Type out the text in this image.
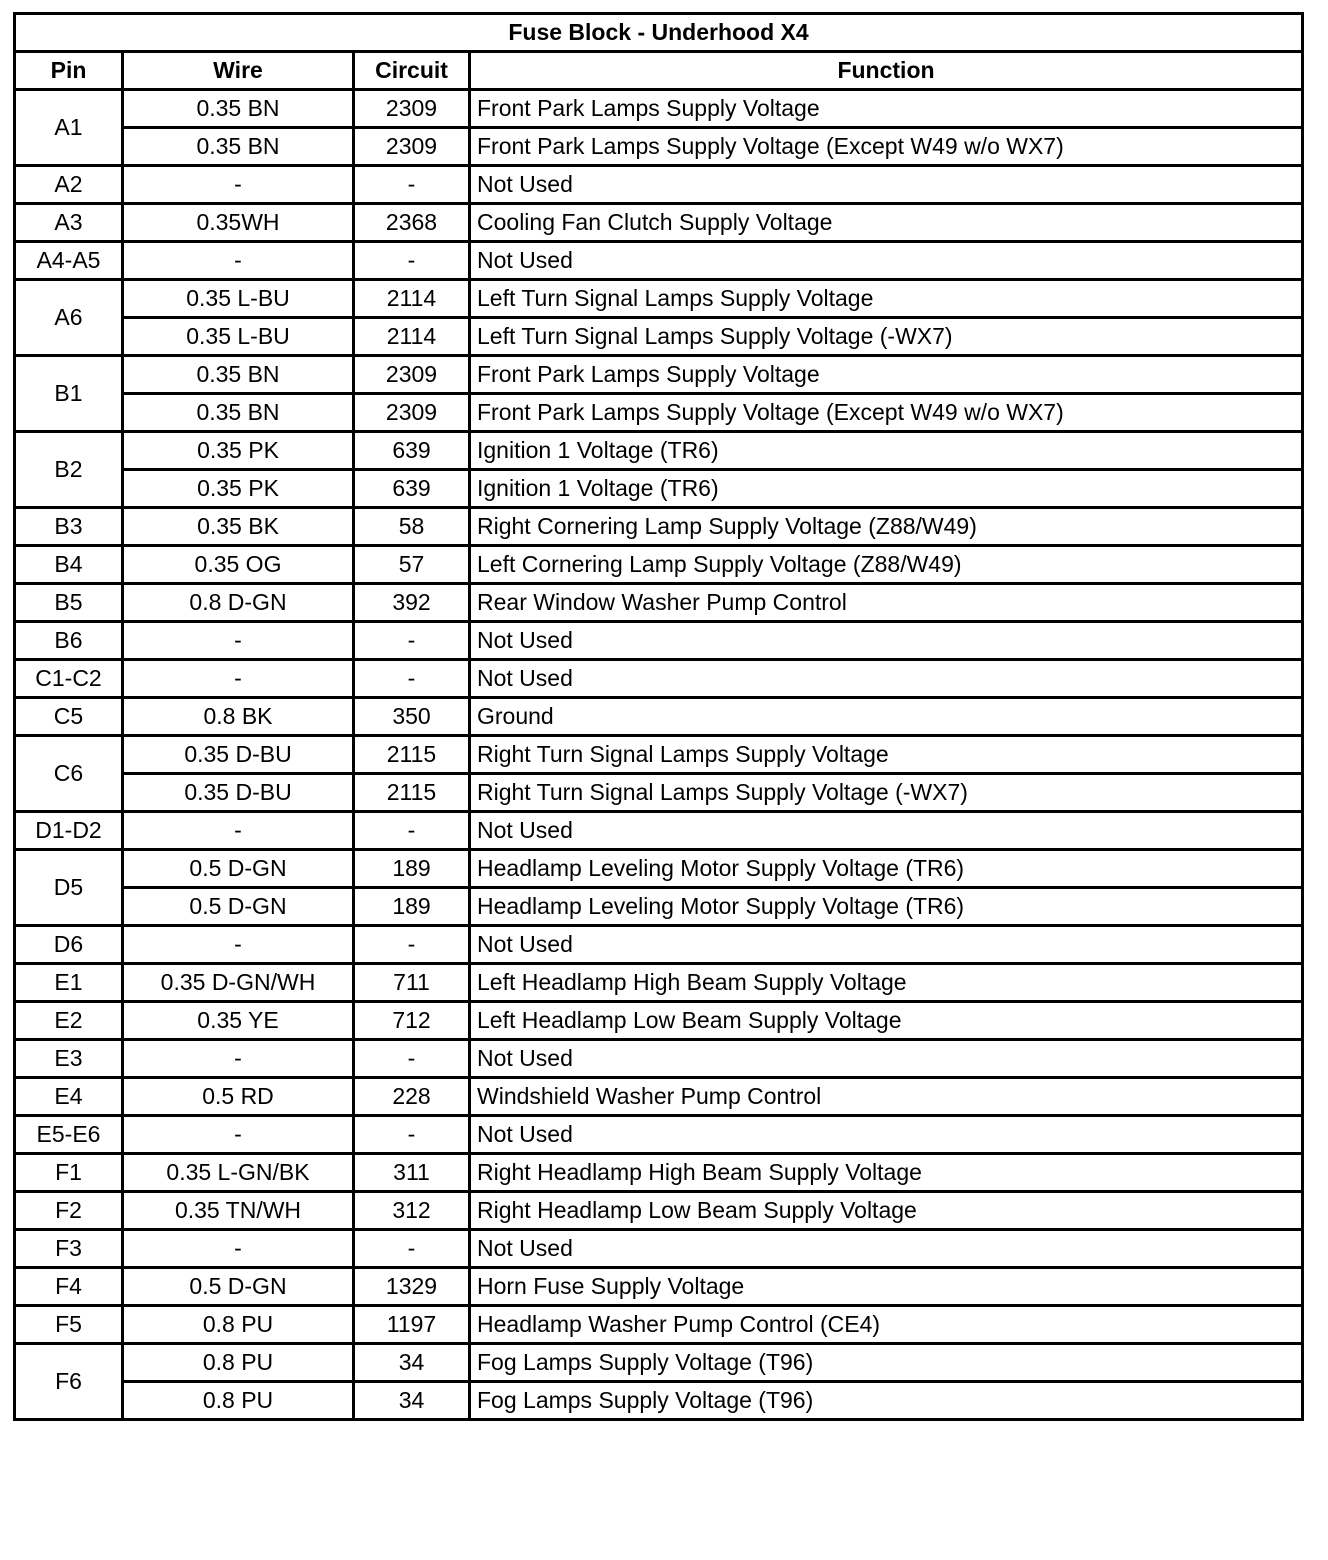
Fuse Block - Underhood X4			
Pin	Wire	Circuit	Function
A1	0.35 BN	2309	Front Park Lamps Supply Voltage
	0.35 BN	2309	Front Park Lamps Supply Voltage (Except W49 w/o WX7)
A2	-	-	Not Used
A3	0.35WH	2368	Cooling Fan Clutch Supply Voltage
A4-A5	-	-	Not Used
A6	0.35 L-BU	2114	Left Turn Signal Lamps Supply Voltage
	0.35 L-BU	2114	Left Turn Signal Lamps Supply Voltage (-WX7)
B1	0.35 BN	2309	Front Park Lamps Supply Voltage
	0.35 BN	2309	Front Park Lamps Supply Voltage (Except W49 w/o WX7)
B2	0.35 PK	639	Ignition 1 Voltage (TR6)
	0.35 PK	639	Ignition 1 Voltage (TR6)
B3	0.35 BK	58	Right Cornering Lamp Supply Voltage (Z88/W49)
B4	0.35 OG	57	Left Cornering Lamp Supply Voltage (Z88/W49)
B5	0.8 D-GN	392	Rear Window Washer Pump Control
B6	-	-	Not Used
C1-C2	-	-	Not Used
C5	0.8 BK	350	Ground
C6	0.35 D-BU	2115	Right Turn Signal Lamps Supply Voltage
	0.35 D-BU	2115	Right Turn Signal Lamps Supply Voltage (-WX7)
D1-D2	-	-	Not Used
D5	0.5 D-GN	189	Headlamp Leveling Motor Supply Voltage (TR6)
	0.5 D-GN	189	Headlamp Leveling Motor Supply Voltage (TR6)
D6	-	-	Not Used
E1	0.35 D-GN/WH	711	Left Headlamp High Beam Supply Voltage
E2	0.35 YE	712	Left Headlamp Low Beam Supply Voltage
E3	-	-	Not Used
E4	0.5 RD	228	Windshield Washer Pump Control
E5-E6	-	-	Not Used
F1	0.35 L-GN/BK	311	Right Headlamp High Beam Supply Voltage
F2	0.35 TN/WH	312	Right Headlamp Low Beam Supply Voltage
F3	-	-	Not Used
F4	0.5 D-GN	1329	Horn Fuse Supply Voltage
F5	0.8 PU	1197	Headlamp Washer Pump Control (CE4)
F6	0.8 PU	34	Fog Lamps Supply Voltage (T96)
	0.8 PU	34	Fog Lamps Supply Voltage (T96)
